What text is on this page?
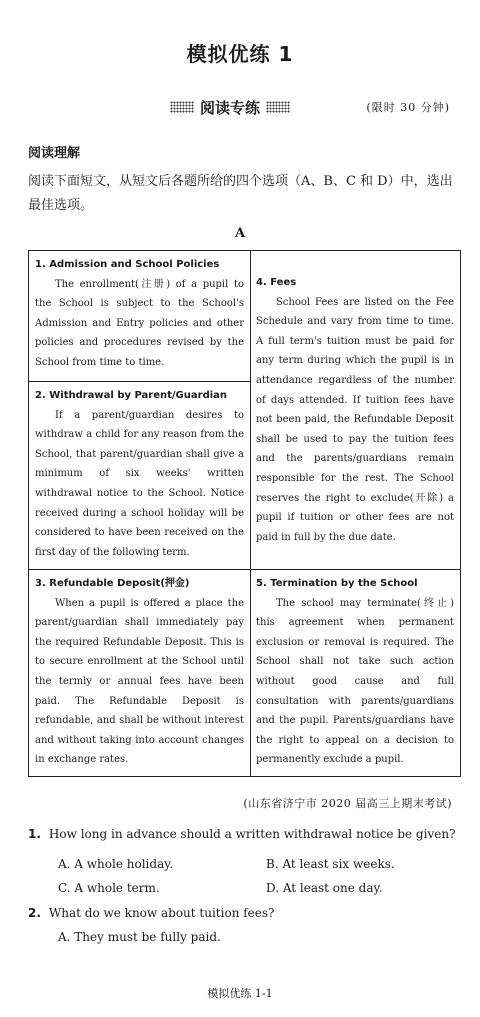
模拟优练 1
阅读专练	(限时 30 分钟)
阅读理解
阅读下面短文，从短文后各题所给的四个选项（A、B、C 和 D）中，选出最佳选项。
A
1. Admission and School Policies
The enrollment(注册) of a pupil to the School is subject to the School's Admission and Entry policies and other policies and procedures revised by the School from time to time.
2. Withdrawal by Parent/Guardian
If a parent/guardian desires to withdraw a child for any reason from the School, that parent/guardian shall give a minimum of six weeks' written withdrawal notice to the School. Notice received during a school holiday will be considered to have been received on the first day of the following term.
3. Refundable Deposit(押金)
When a pupil is offered a place the parent/guardian shall immediately pay the required Refundable Deposit. This is to secure enrollment at the School until the termly or annual fees have been paid. The Refundable Deposit is refundable, and shall be without interest and without taking into account changes in exchange rates.
4. Fees
School Fees are listed on the Fee Schedule and vary from time to time. A full term's tuition must be paid for any term during which the pupil is in attendance regardless of the number of days attended. If tuition fees have not been paid, the Refundable Deposit shall be used to pay the tuition fees and the parents/guardians remain responsible for the rest. The School reserves the right to exclude(开除) a pupil if tuition or other fees are not paid in full by the due date.
5. Termination by the School
The school may terminate(终止) this agreement when permanent exclusion or removal is required. The School shall not take such action without good cause and full consultation with parents/guardians and the pupil. Parents/guardians have the right to appeal on a decision to permanently exclude a pupil.
(山东省济宁市 2020 届高三上期末考试)
1. How long in advance should a written withdrawal notice be given?
A. A whole holiday.	B. At least six weeks.
C. A whole term.	D. At least one day.
2. What do we know about tuition fees?
A. They must be fully paid.
模拟优练 1-1
